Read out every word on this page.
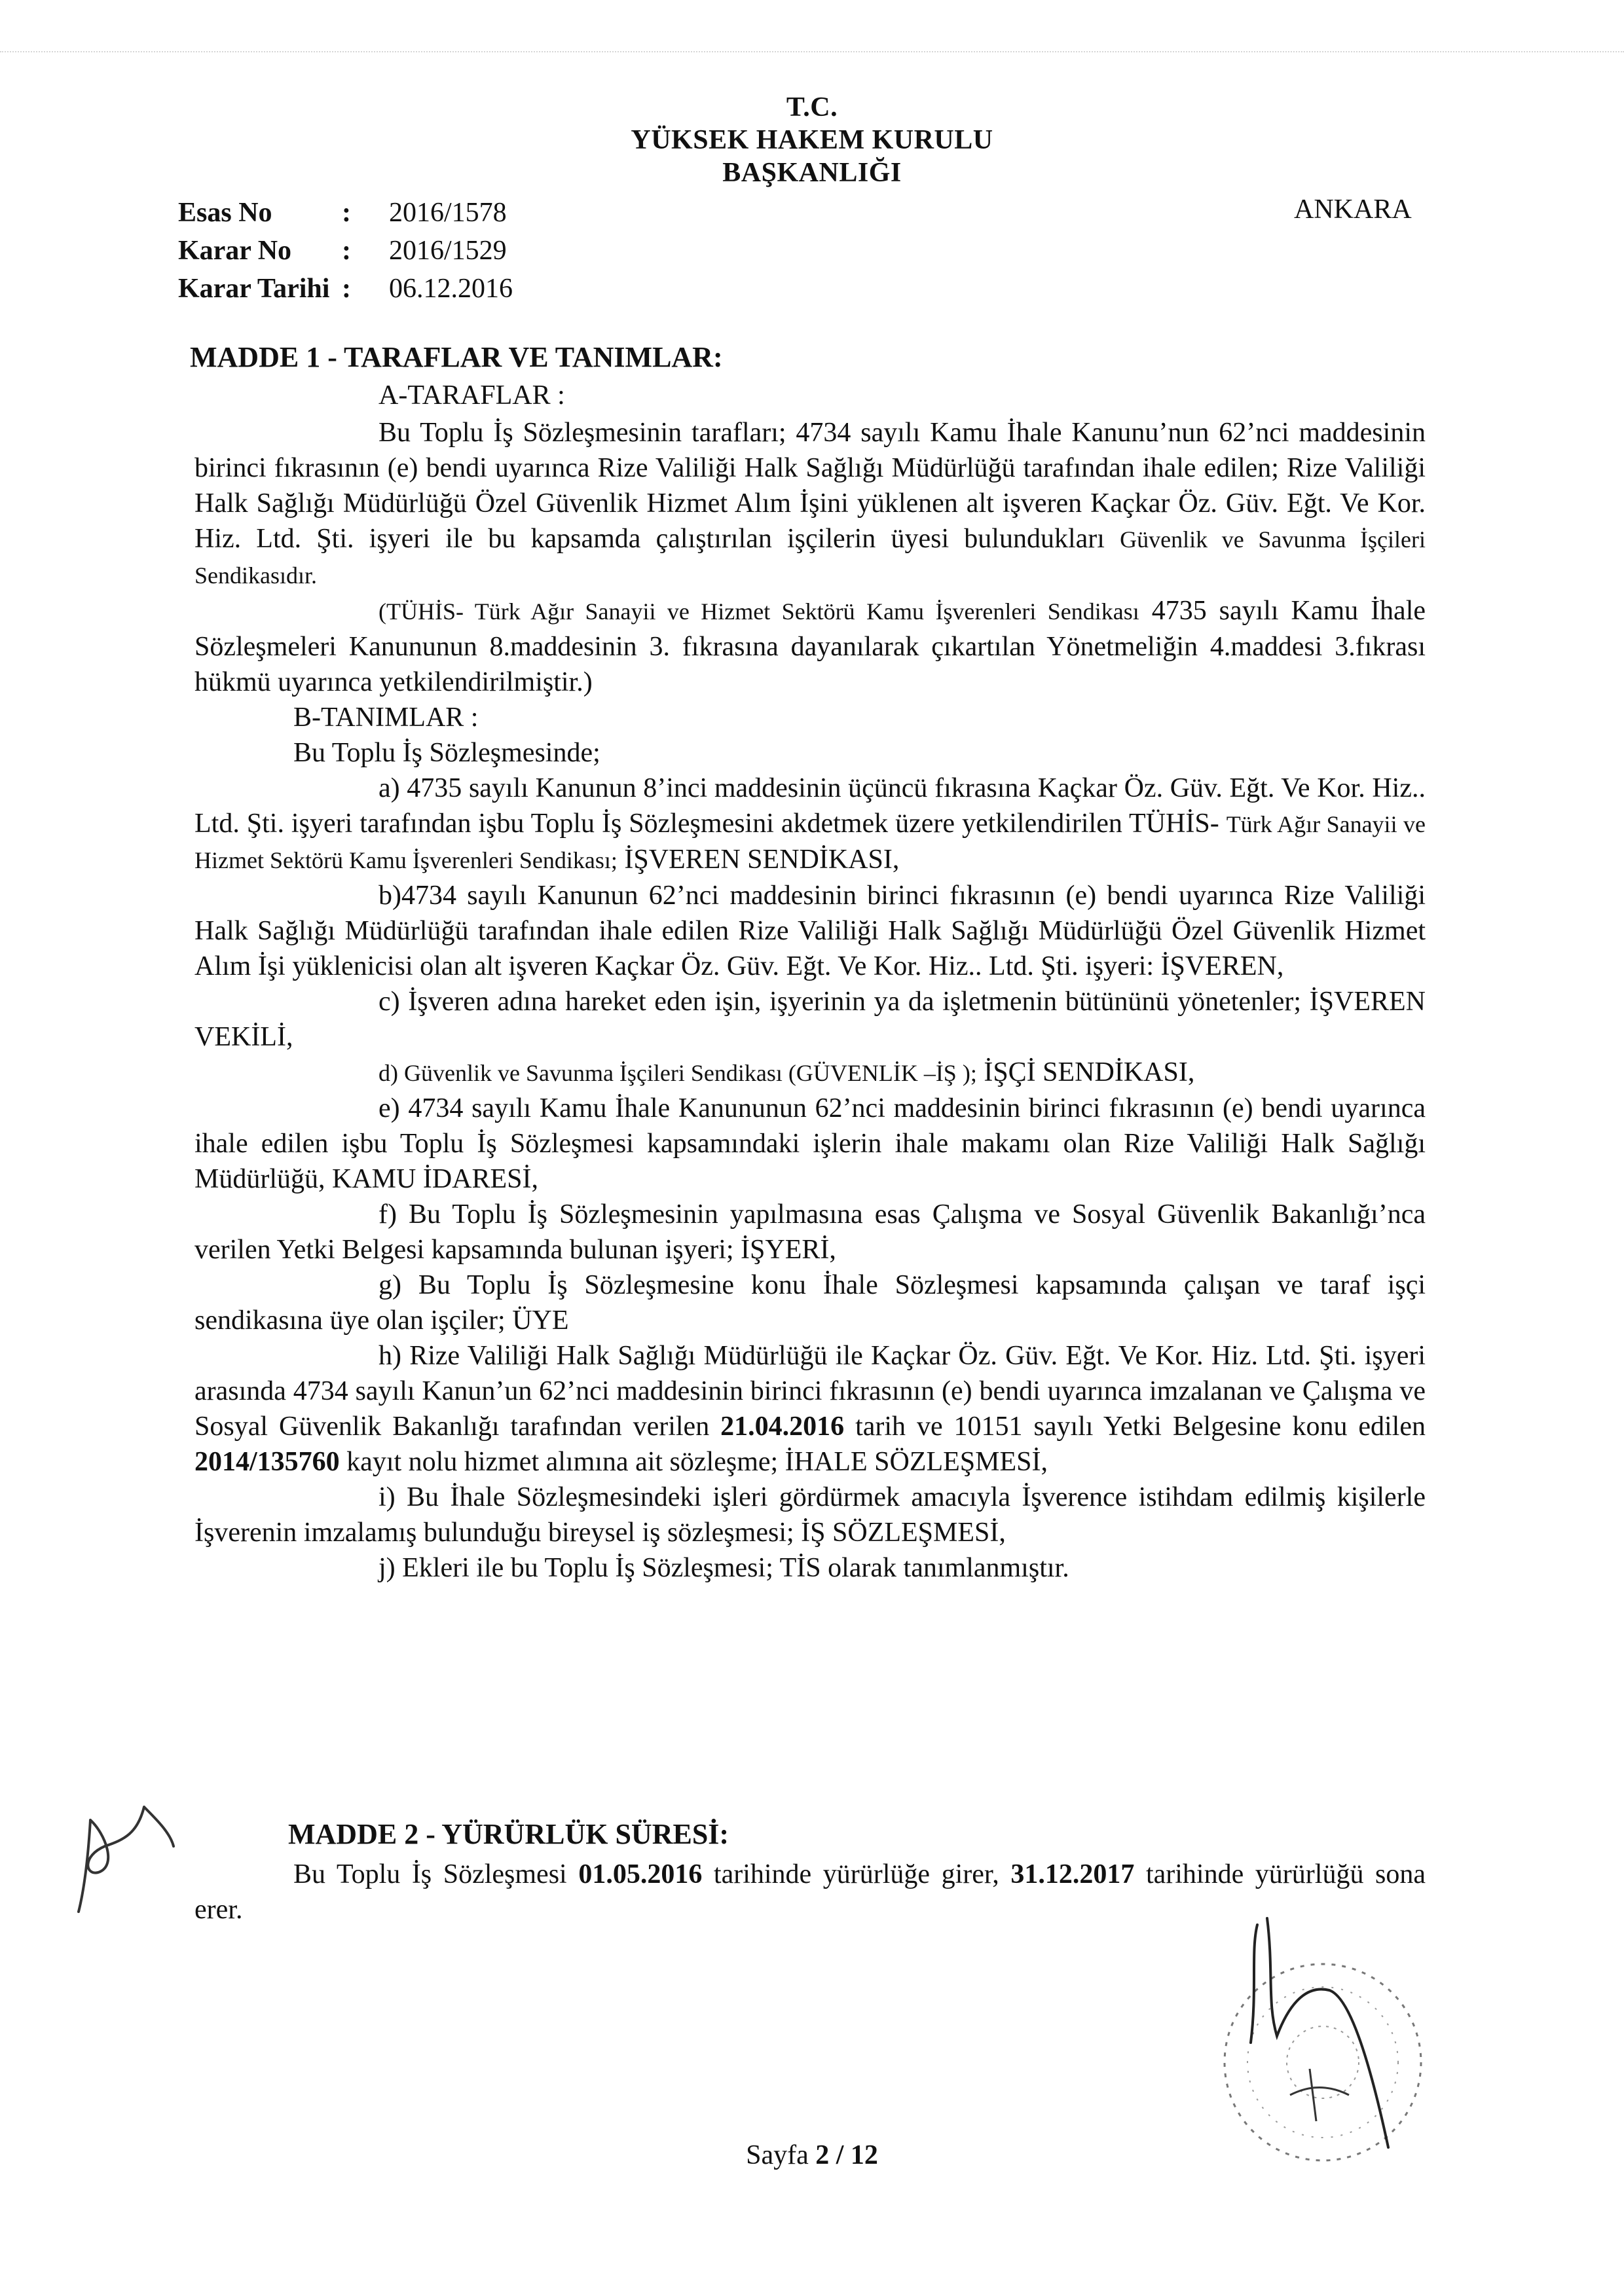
T.C.
YÜKSEK HAKEM KURULU
BAŞKANLIĞI
Esas No	:	2016/1578
Karar No	:	2016/1529
Karar Tarihi :	06.12.2016
ANKARA
MADDE 1 - TARAFLAR VE TANIMLAR:
A-TARAFLAR :

Bu Toplu İş Sözleşmesinin tarafları; 4734 sayılı Kamu İhale Kanunu’nun 62’nci maddesinin birinci fıkrasının (e) bendi uyarınca Rize Valiliği Halk Sağlığı Müdürlüğü tarafından ihale edilen; Rize Valiliği Halk Sağlığı Müdürlüğü Özel Güvenlik Hizmet Alım İşini yüklenen alt işveren Kaçkar Öz. Güv. Eğt. Ve Kor. Hiz. Ltd. Şti. işyeri ile bu kapsamda çalıştırılan işçilerin üyesi bulundukları Güvenlik ve Savunma İşçileri Sendikasıdır.

(TÜHİS- Türk Ağır Sanayii ve Hizmet Sektörü Kamu İşverenleri Sendikası 4735 sayılı Kamu İhale Sözleşmeleri Kanununun 8.maddesinin 3. fıkrasına dayanılarak çıkartılan Yönetmeliğin 4.maddesi 3.fıkrası hükmü uyarınca yetkilendirilmiştir.)

B-TANIMLAR :

Bu Toplu İş Sözleşmesinde;

a) 4735 sayılı Kanunun 8’inci maddesinin üçüncü fıkrasına Kaçkar Öz. Güv. Eğt. Ve Kor. Hiz.. Ltd. Şti. işyeri tarafından işbu Toplu İş Sözleşmesini akdetmek üzere yetkilendirilen TÜHİS- Türk Ağır Sanayii ve Hizmet Sektörü Kamu İşverenleri Sendikası; İŞVEREN SENDİKASI,

b)4734 sayılı Kanunun 62’nci maddesinin birinci fıkrasının (e) bendi uyarınca Rize Valiliği Halk Sağlığı Müdürlüğü tarafından ihale edilen Rize Valiliği Halk Sağlığı Müdürlüğü Özel Güvenlik Hizmet Alım İşi yüklenicisi olan alt işveren Kaçkar Öz. Güv. Eğt. Ve Kor. Hiz.. Ltd. Şti. işyeri: İŞVEREN,

c) İşveren adına hareket eden işin, işyerinin ya da işletmenin bütününü yönetenler; İŞVEREN VEKİLİ,

d) Güvenlik ve Savunma İşçileri Sendikası (GÜVENLİK –İŞ ); İŞÇİ SENDİKASI,

e) 4734 sayılı Kamu İhale Kanununun 62’nci maddesinin birinci fıkrasının (e) bendi uyarınca ihale edilen işbu Toplu İş Sözleşmesi kapsamındaki işlerin ihale makamı olan Rize Valiliği Halk Sağlığı Müdürlüğü, KAMU İDARESİ,

f) Bu Toplu İş Sözleşmesinin yapılmasına esas Çalışma ve Sosyal Güvenlik Bakanlığı’nca verilen Yetki Belgesi kapsamında bulunan işyeri; İŞYERİ,

g) Bu Toplu İş Sözleşmesine konu İhale Sözleşmesi kapsamında çalışan ve taraf işçi sendikasına üye olan işçiler; ÜYE

h) Rize Valiliği Halk Sağlığı Müdürlüğü ile Kaçkar Öz. Güv. Eğt. Ve Kor. Hiz. Ltd. Şti. işyeri arasında 4734 sayılı Kanun’un 62’nci maddesinin birinci fıkrasının (e) bendi uyarınca imzalanan ve Çalışma ve Sosyal Güvenlik Bakanlığı tarafından verilen 21.04.2016 tarih ve 10151 sayılı Yetki Belgesine konu edilen 2014/135760 kayıt nolu hizmet alımına ait sözleşme; İHALE SÖZLEŞMESİ,

i) Bu İhale Sözleşmesindeki işleri gördürmek amacıyla İşverence istihdam edilmiş kişilerle İşverenin imzalamış bulunduğu bireysel iş sözleşmesi; İŞ SÖZLEŞMESİ,

j) Ekleri ile bu Toplu İş Sözleşmesi; TİS olarak tanımlanmıştır.

MADDE 2 - YÜRÜRLÜK SÜRESİ:

Bu Toplu İş Sözleşmesi 01.05.2016 tarihinde yürürlüğe girer, 31.12.2017 tarihinde yürürlüğü sona erer.

Sayfa 2 / 12
